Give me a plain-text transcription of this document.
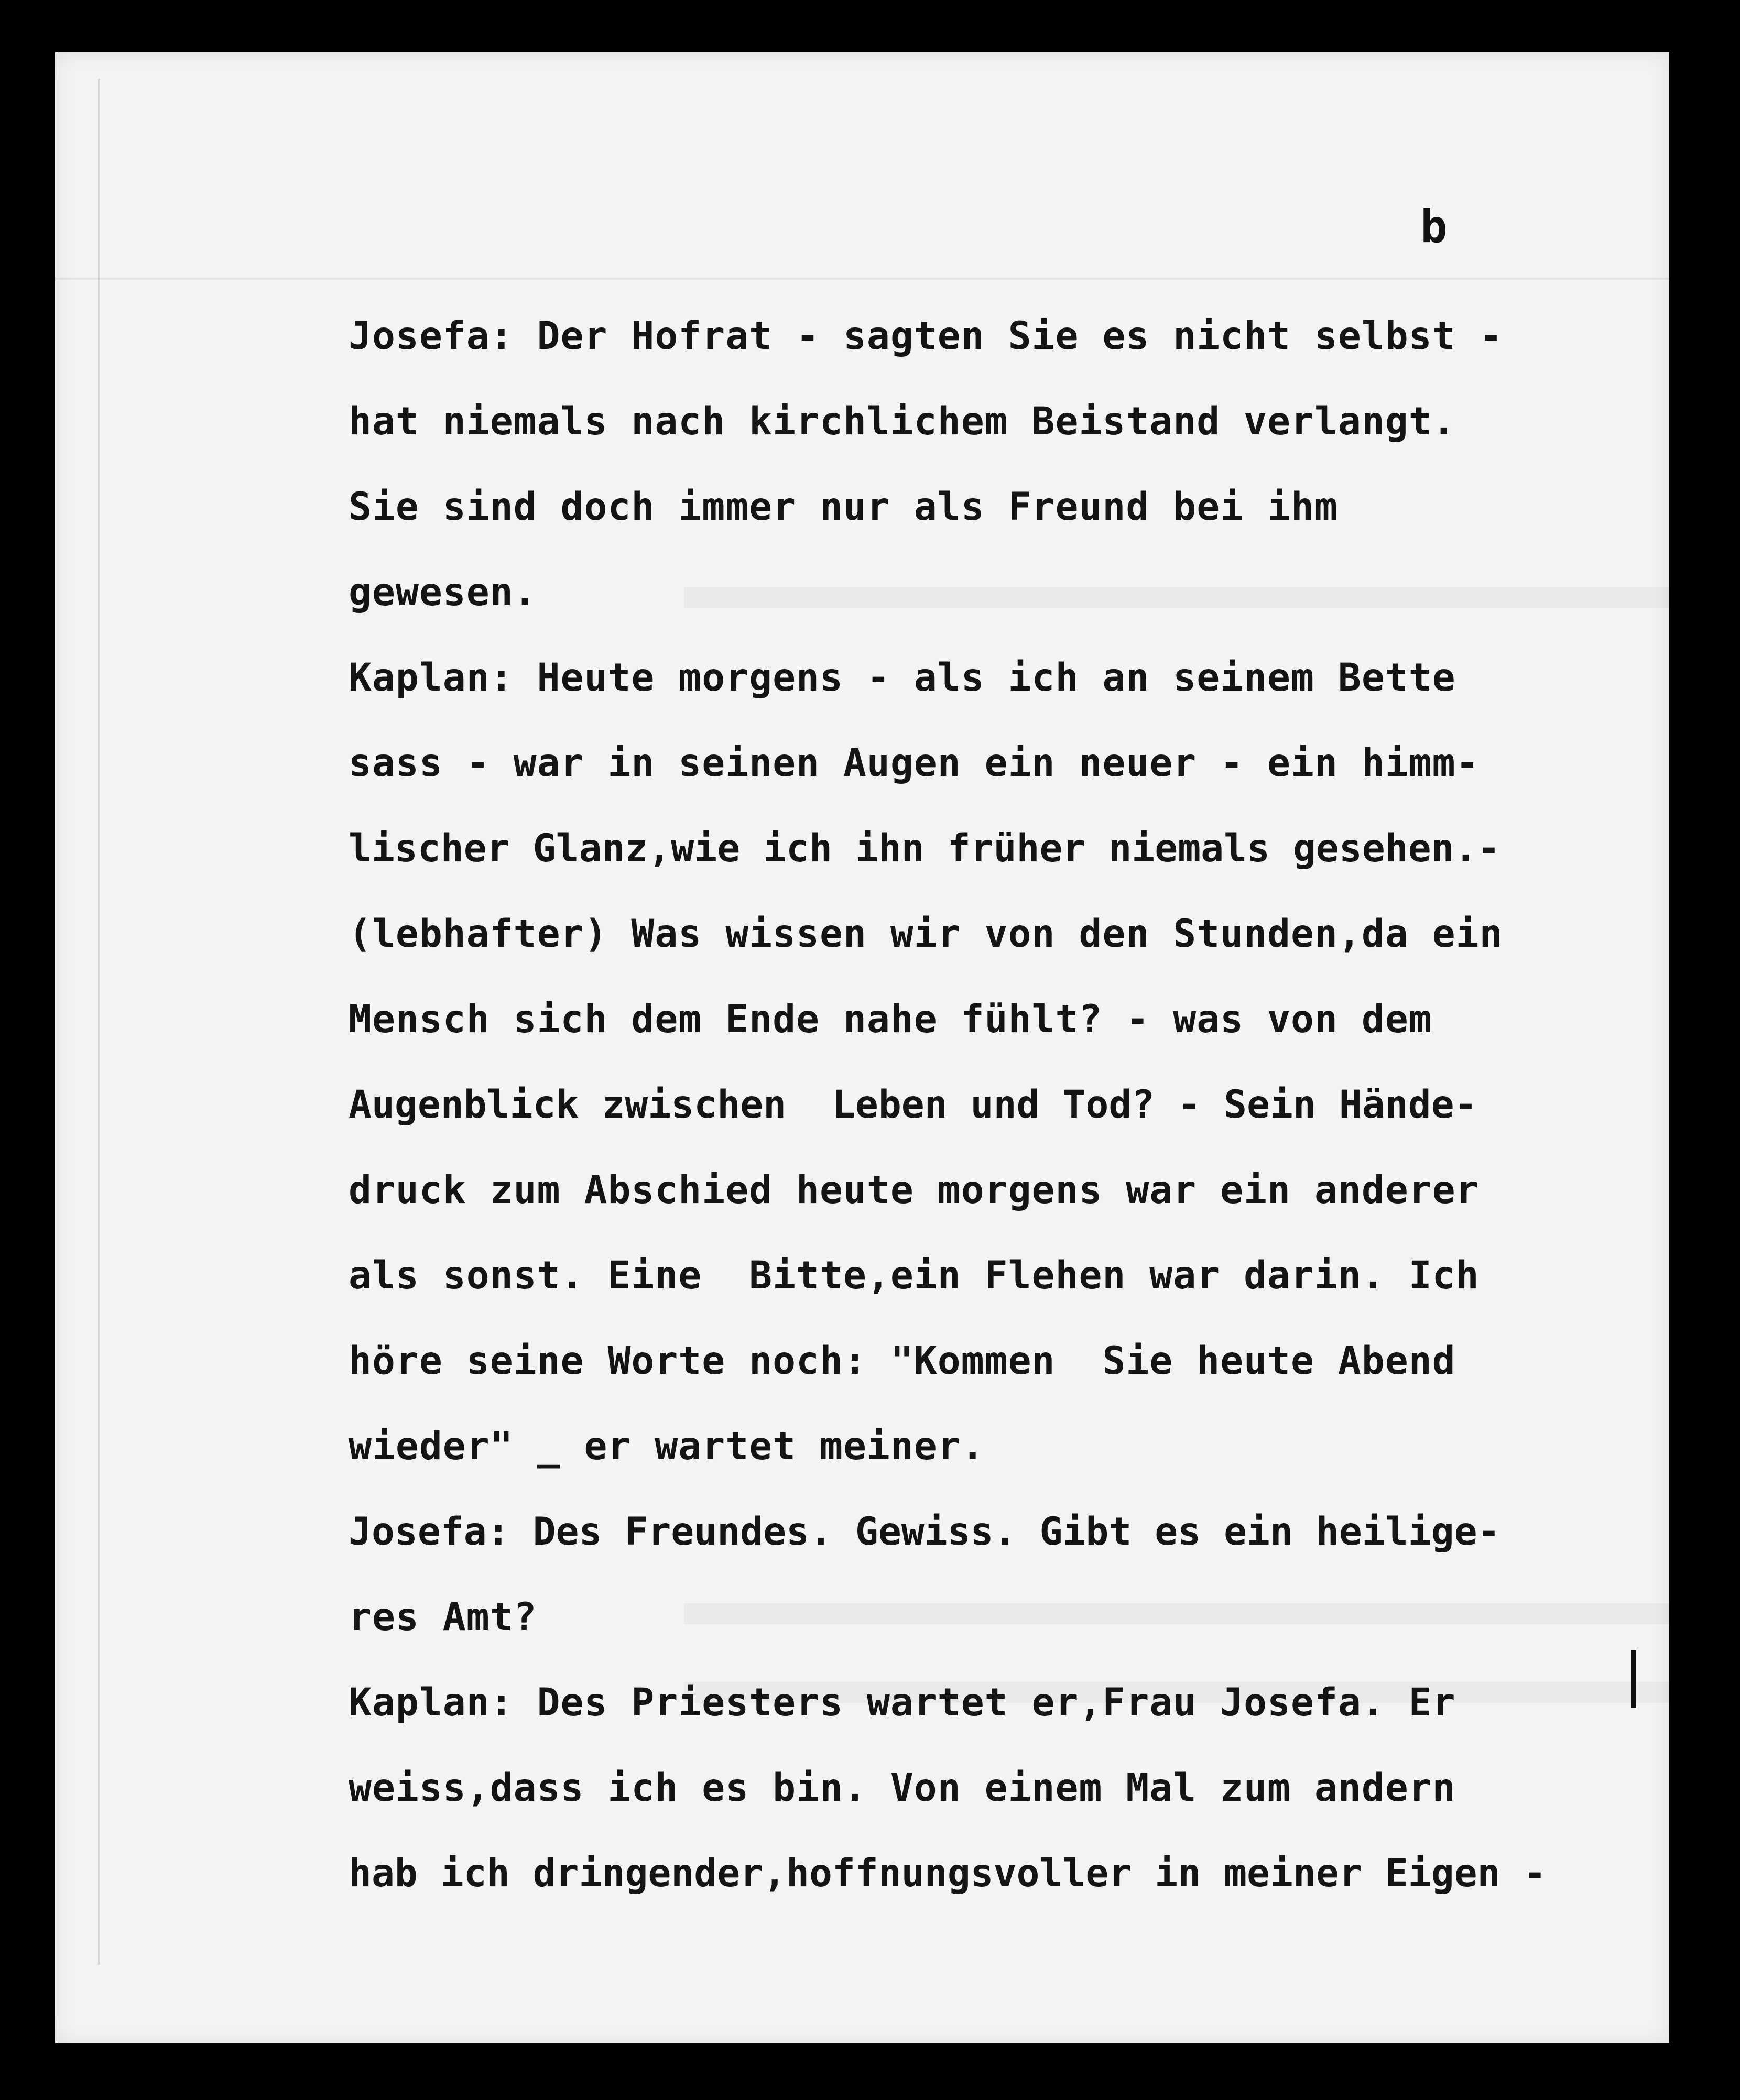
b

Josefa: Der Hofrat - sagten Sie es nicht selbst -

hat niemals nach kirchlichem Beistand verlangt.

Sie sind doch immer nur als Freund bei ihm

gewesen.

Kaplan: Heute morgens - als ich an seinem Bette

sass - war in seinen Augen ein neuer - ein himm-

lischer Glanz,wie ich ihn früher niemals gesehen.-

(lebhafter) Was wissen wir von den Stunden,da ein

Mensch sich dem Ende nahe fühlt? - was von dem

Augenblick zwischen  Leben und Tod? - Sein Hände-

druck zum Abschied heute morgens war ein anderer

als sonst. Eine  Bitte,ein Flehen war darin. Ich

höre seine Worte noch: "Kommen  Sie heute Abend

wieder" _ er wartet meiner.

Josefa: Des Freundes. Gewiss. Gibt es ein heilige-

res Amt?

Kaplan: Des Priesters wartet er,Frau Josefa. Er

weiss,dass ich es bin. Von einem Mal zum andern

hab ich dringender,hoffnungsvoller in meiner Eigen -
